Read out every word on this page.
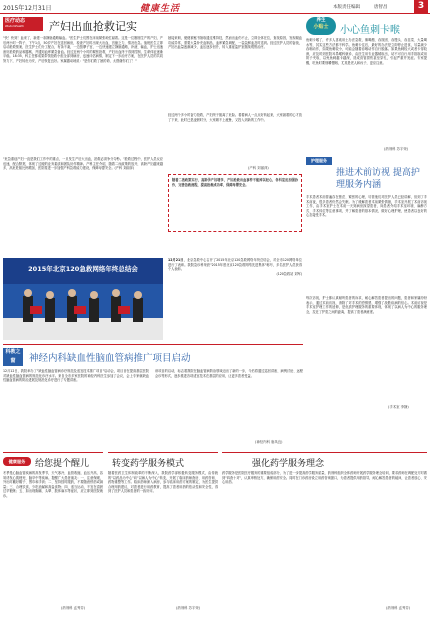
2015年12月31日	健康生活	本版责任编辑	唐智昌	3
医疗动态
WisdomHealth	产妇出血抢救记实
"快！快到！血来了，新建一条静脉通路输血。"医生护士们围在床前紧张地忙碌着。这是一位刚刚生产的产妇，产后两小时一阵子，下午1点，50岁产妇在送回病房，检查产妇时出现大出血，宫缩乏力，情况危急。值班医生立即启动抢救预案，医生护士们分工配合，有条不紊，一边按摩子宫，一边快速建立静脉通路，补液、输血，护士迅速备好抢救药品和器械，并通知血库紧急备血。经过近两个小时的紧张抢救，产妇出血终于得到控制，生命体征逐渐平稳。18:35，科主任都成果带领抢救小组全部到病房，迅速评估病情，制定下一步治疗方案，在医护人员的共同努力下，产妇转危为安，产后恢复良好。家属激动地说："是你们救了她的命，太感谢你们了！"
"危急重症产妇一直是我们工作中的重点，一旦发生产后大出血，抢救必须争分夺秒。"抢救过程中，医护人员反应迅速，配合默契，体现了过硬的业务素质和团队协作精神。产科主任介绍，随着二孩政策的放开，高龄产妇越来越多，高危妊娠比例增加，医院将进一步加强产科急救能力建设，保障母婴安全。(产科 刘丽萍)
她接来职，便便被秘书抽取通过维持技，然而出血仍不止，立即全体在位，查找原因，发现凝血功能异常，需要大量补充血制品，血库紧急调配，一袋袋鲜血及时送到。经过医护人员的奋战，产妇出血量逐渐减少，血压逐步回升，转入重症监护室继续观察治疗。
经过两个多小时奋力抢救，产妇终于脱离了危险。看着病人一点点好转起来，大家悬着的心才放了下来，此时已是凌晨时分，大家顾不上疲惫，又投入到新的工作中。
(产科 刘丽萍)
随着二孩政策实行，高龄孕产妇增多，产妇抢救出血事件不能掉以轻心，各科室应加强协作，完善急救流程，提高抢救成功率，保障母婴安全。
养生
小贴士	小心鱼刺卡喉
鱼刺卡喉了，许多人喜欢用土办法急救，像喝醋、吞饭团、吞馒头、吞韭菜、大量喝水等，其实这些方法都不科学。鱼刺卡住后，最好的办法是立即停止进食，尽量减少吞咽动作，如果鱼刺较小，可能会随着吞咽动作自行脱落。如果鱼刺较大或者卡得较深，应及时到医院耳鼻喉科就诊，由医生用专业器械取出，切不可自行用手指抠或用筷子夹取，以免鱼刺越卡越深，造成食管损伤甚至穿孔，引起严重并发症。专家提醒，吃鱼时要细嚼慢咽，尤其是老人和孩子，更应注意。
(药剂科 苏宇荣)
护理服务
推进术前访视 提高护理服务内涵
手术患者术前普遍存在焦虑、紧张的心理，尽管他们对医护人员已经讲解，但到了手术前夜，很多患者仍然会失眠。为了缓解患者术前紧张情绪，手术室开展了术前访视工作，由手术室护士在术前一天到病房探望患者，向患者介绍手术室环境、麻醉方式、手术体位等注意事项，并了解患者的基本情况，做好心理护理，使患者以良好的心态接受手术。
每次访视，护士都认真倾听患者的诉求，耐心解答患者提出的问题，患者和家属纷纷表示，通过术前访视，消除了对手术的恐惧感，增强了战胜疾病的信心。术前访视是手术室护理工作的延伸，是优质护理服务的重要体现，体现了以病人为中心的服务理念，拉近了护患之间的距离，提高了患者满意度。
(手术室 李静)
2015年北京120急救网络年终总结会
12月21日，北京急救中心召开了2015年北京120急救网络年终总结会，对全市120网络单位进行了表彰。我院急诊科荣获"2015年度北京120急救网络先进集体"称号，多名医护人员获得个人表彰。
(120急救站 刘军)
科教之窗	神经内科缺血性脑血管病推广项目启动
12月12日，我院举办了"缺血性脑血管病诊疗规范及适宜技术推广项目"启动会，项目旨在提高基层医院对缺血性脑血管病的规范化诊疗水平。来自全市多家医院的神经内科医生参加了会议，会上专家就缺血性脑血管病的防治进展及规范化诊疗进行了专题讲座。
该项目的启动，标志着我院在脑血管病防治领域迈出了新的一步，今后将通过巡回讲座、病例讨论、远程会诊等形式，逐步推进各项适宜技术在基层的应用，让更多患者受益。
(神经内科 唐凤良)
健康服务	给您提个醒儿
冬季是心脑血管疾病的高发季节，天气寒冷，血管收缩，血压升高，容易诱发心肌梗死、脑卒中等疾病。提醒广大患者朋友：一、注意保暖，外出时戴好帽子、围巾和手套；二、坚持按时服药，不要随意停药或减量；三、合理饮食，少吃油腻和高盐食物；四、适当运动，不宜在清晨过早锻炼；五、如出现胸痛、头晕、肢体麻木等症状，应立即到医院就诊。
(药剂科 孟秀芬)
转变药学服务模式
随着医药卫生体制改革的不断深入，我院药学部积极转变服务模式，由传统的"以药品为中心"向"以病人为中心"转变，开展了临床药师查房、用药咨询、药物重整等工作。临床药师深入病房，参与临床用药方案的制定，为医生提供合理用药建议，对患者进行用药教育，提高了患者用药的依从性和安全性，得到了医护人员和患者的一致好评。
(药剂科 苏宇荣)
强化药学服务理念
药学服务是医院医疗服务的重要组成部分，为了进一步提高药学服务质量，药剂科组织全体药师开展药学服务理念培训，要求药师在调配处方时做到"四查十对"，认真审核处方，确保用药安全。同时在门诊药房设立用药咨询窗口，为患者提供用药指导，耐心解答患者的疑问，让患者放心、安心用药。
(药剂科 孟秀芬)
